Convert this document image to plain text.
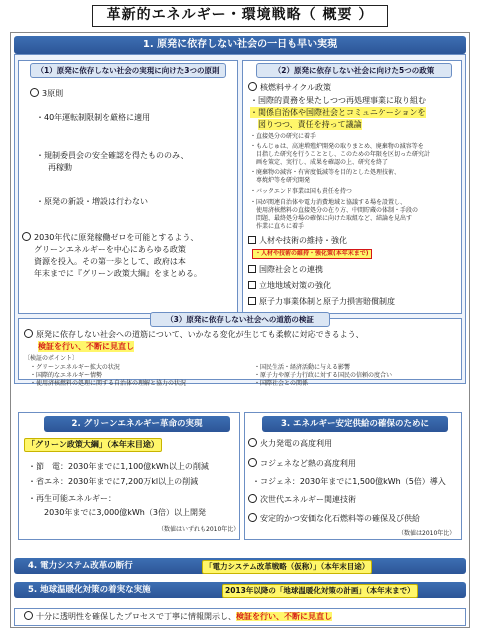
革新的エネルギー・環境戦略（ 概要 ）
1. 原発に依存しない社会の一日も早い実現
（1）原発に依存しない社会の実現に向けた3つの原則
3原則
・40年運転制限制を厳格に適用
・規制委員会の安全確認を得たもののみ、
再稼動
・原発の新設・増設は行わない
2030年代に原発稼働ゼロを可能とするよう、
グリーンエネルギーを中心にあらゆる政策
資源を投入。その第一歩として、政府は本
年末までに『グリーン政策大綱』をまとめる。
（2）原発に依存しない社会に向けた5つの政策
核燃料サイクル政策
・国際的責務を果たしつつ再処理事業に取り組む
・関係自治体や国際社会とコミュニケーションを
図りつつ、責任を持って議論
・直接処分の研究に着手
・もんじゅは、高速増殖炉開発の取りまとめ、廃棄物の減容等を
目指した研究を行うこととし、このための年限を区切った研究計
画を策定、実行し、成果を確認の上、研究を終了
・廃棄物の減容・有害度低減等を目的とした処理技術、
専焼炉等を研究開発
・バックエンド事業は国も責任を持つ
・国が関連自治体や電力消費地域と協議する場を設置し、
使用済核燃料の直接処分の在り方、中間貯蔵の体制・手段の
問題、最終処分場の確保に向けた取組など、結論を見出す
作業に直ちに着手
人材や技術の維持・強化
・人材や技術の維持・強化策(本年末まで)
国際社会との連携
立地地域対策の強化
原子力事業体制と原子力損害賠償制度
（3）原発に依存しない社会への道筋の検証
原発に依存しない社会への道筋について、いかなる変化が生じても柔軟に対応できるよう、
検証を行い、不断に見直し
〔検証のポイント〕
・グリーンエネルギー拡大の状況
・国際的なエネルギー情勢
・使用済核燃料の処理に関する自治体の理解と協力の状況
・国民生活・経済活動に与える影響
・原子力や原子力行政に対する国民の信頼の度合い
・国際社会との関係
2. グリーンエネルギー革命の実現
「グリーン政策大綱」（本年末目途）
・節　電：2030年までに1,100億kWh以上の削減
・省エネ：2030年までに7,200万kl以上の削減
・再生可能エネルギー：
2030年までに3,000億kWh（3倍）以上開発
（数値はいずれも2010年比）
3. エネルギー安定供給の確保のために
火力発電の高度利用
コジェネなど熱の高度利用
・コジェネ：2030年までに1,500億kWh（5倍）導入
次世代エネルギー関連技術
安定的かつ安価な化石燃料等の確保及び供給
（数値は2010年比）
4. 電力システム改革の断行	「電力システム改革戦略（仮称）」（本年末目途）
5. 地球温暖化対策の着実な実施	2013年以降の「地球温暖化対策の計画」（本年末まで）
十分に透明性を確保したプロセスで丁寧に情報開示し、検証を行い、不断に見直し
